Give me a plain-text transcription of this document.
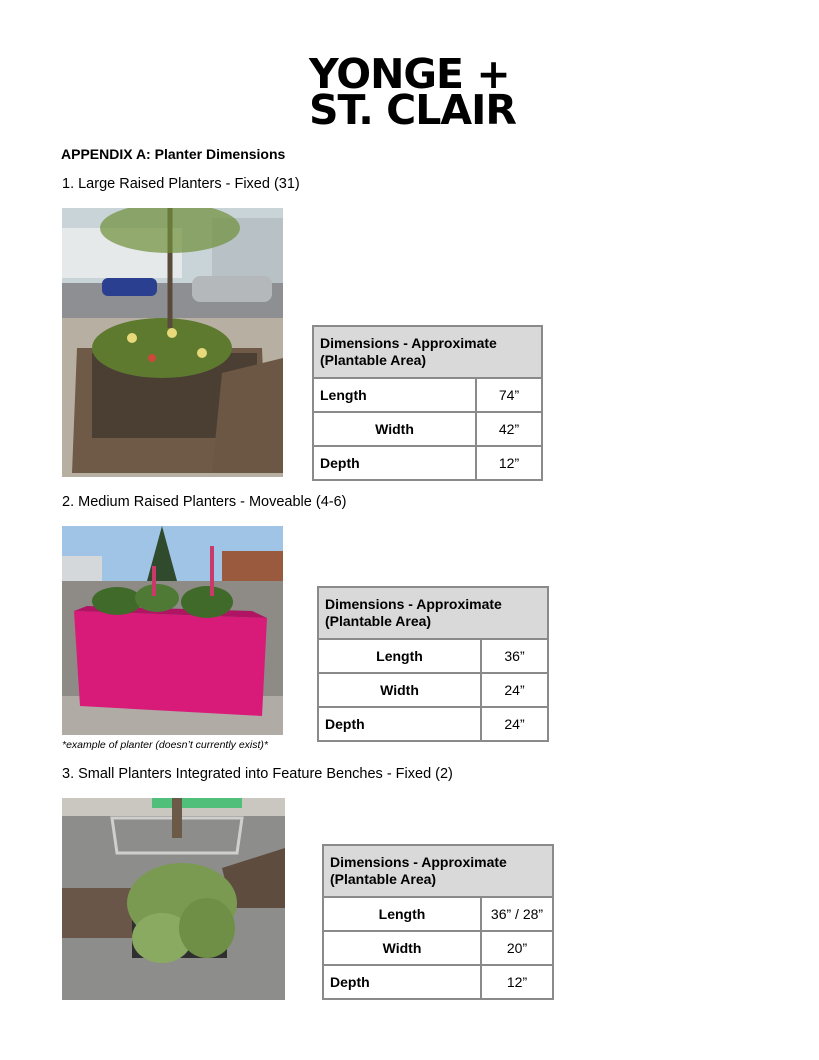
YONGE +
ST. CLAIR
APPENDIX A: Planter Dimensions
1. Large Raised Planters - Fixed (31)
Dimensions - Approximate (Plantable Area)	
Length	74”
Width	42”
Depth	12”
2. Medium Raised Planters - Moveable (4-6)
*example of planter (doesn’t currently exist)*
Dimensions - Approximate (Plantable Area)	
Length	36”
Width	24”
Depth	24”
3. Small Planters Integrated into Feature Benches - Fixed (2)
Dimensions - Approximate (Plantable Area)	
Length	36” / 28”
Width	20”
Depth	12”
